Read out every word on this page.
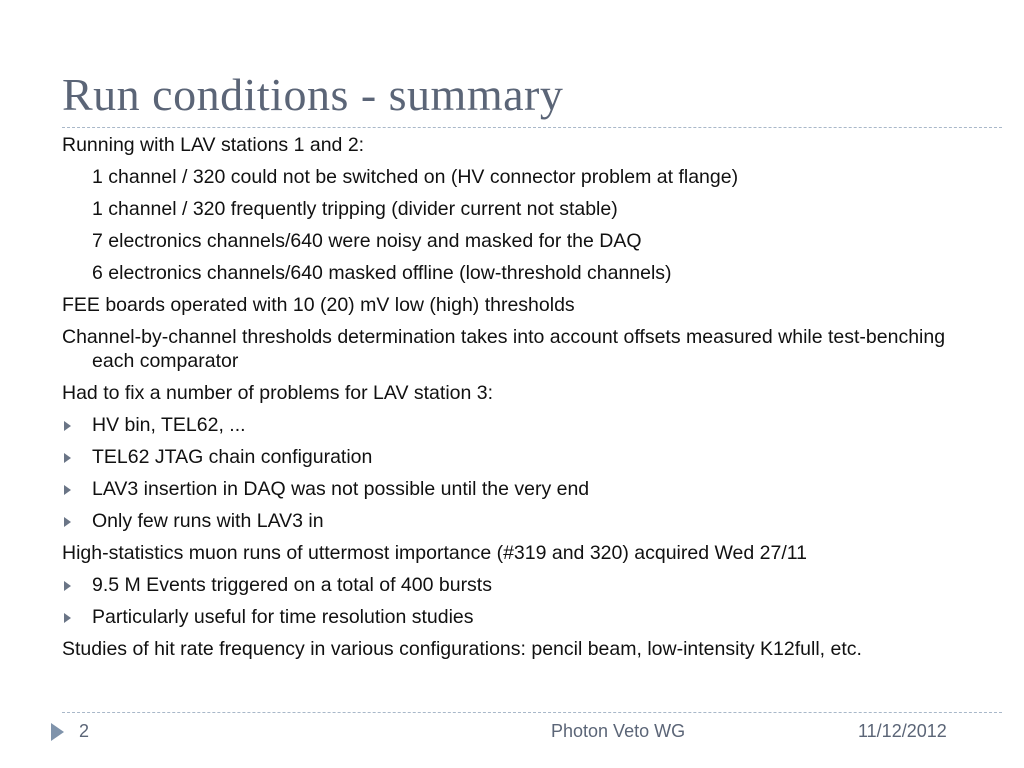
Run conditions - summary
Running with LAV stations 1 and 2:
1 channel / 320 could not be switched on (HV connector problem at flange)
1 channel / 320 frequently tripping (divider current not stable)
7 electronics channels/640 were noisy and masked for the DAQ
6 electronics channels/640 masked offline (low-threshold channels)
FEE boards operated with 10 (20) mV low (high) thresholds
Channel-by-channel thresholds determination takes into account offsets measured while test-benching each comparator
Had to fix a number of problems for LAV station 3:
HV bin, TEL62, ...
TEL62 JTAG chain configuration
LAV3 insertion in DAQ was not possible until the very end
Only few runs with LAV3 in
High-statistics muon runs of uttermost importance (#319 and 320) acquired Wed 27/11
9.5 M Events triggered on a total of 400 bursts
Particularly useful for time resolution studies
Studies of hit rate frequency in various configurations: pencil beam, low-intensity K12full, etc.
2	Photon Veto WG	11/12/2012
